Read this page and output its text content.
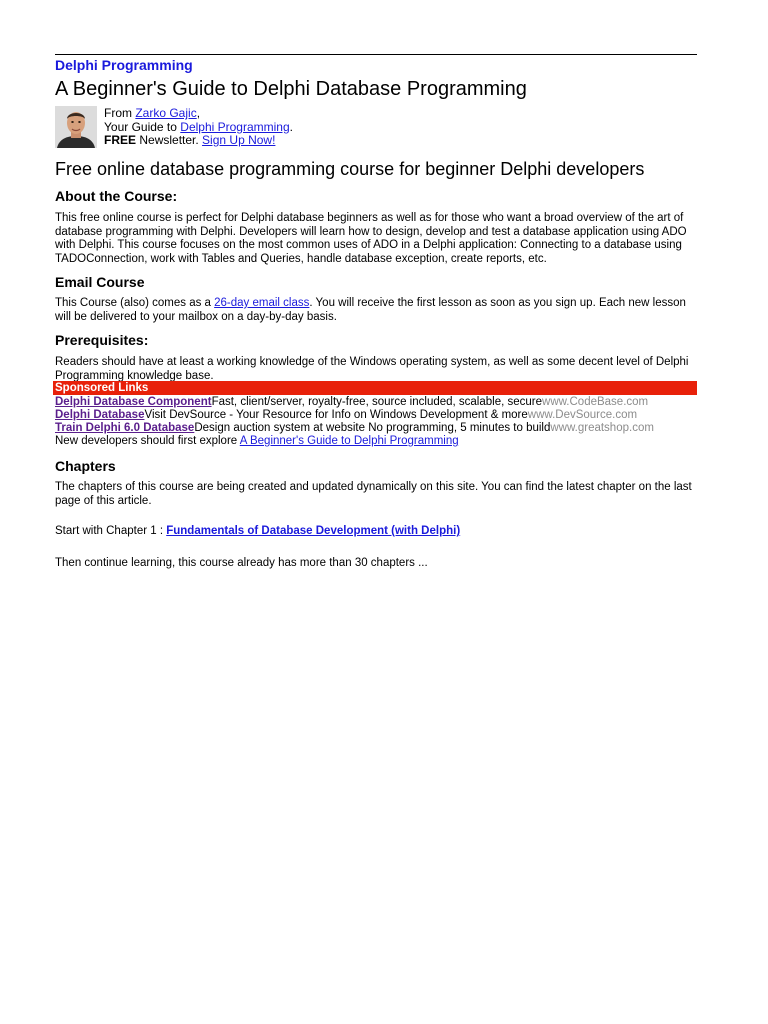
Delphi Programming
A Beginner's Guide to Delphi Database Programming
From Zarko Gajic,
Your Guide to Delphi Programming.
FREE Newsletter. Sign Up Now!
Free online database programming course for beginner Delphi developers
About the Course:

This free online course is perfect for Delphi database beginners as well as for those who want a broad overview of the art of database programming with Delphi. Developers will learn how to design, develop and test a database application using ADO with Delphi. This course focuses on the most common uses of ADO in a Delphi application: Connecting to a database using TADOConnection, work with Tables and Queries, handle database exception, create reports, etc.

Email Course

This Course (also) comes as a 26-day email class. You will receive the first lesson as soon as you sign up. Each new lesson will be delivered to your mailbox on a day-by-day basis.

Prerequisites:

Readers should have at least a working knowledge of the Windows operating system, as well as some decent level of Delphi Programming knowledge base.

Sponsored Links
Delphi Database ComponentFast, client/server, royalty-free, source included, scalable, securewww.CodeBase.com
Delphi DatabaseVisit DevSource - Your Resource for Info on Windows Development & morewww.DevSource.com
Train Delphi 6.0 DatabaseDesign auction system at website No programming, 5 minutes to buildwww.greatshop.com
New developers should first explore A Beginner's Guide to Delphi Programming
Chapters

The chapters of this course are being created and updated dynamically on this site. You can find the latest chapter on the last page of this article.

Start with Chapter 1 : Fundamentals of Database Development (with Delphi)

Then continue learning, this course already has more than 30 chapters ...
